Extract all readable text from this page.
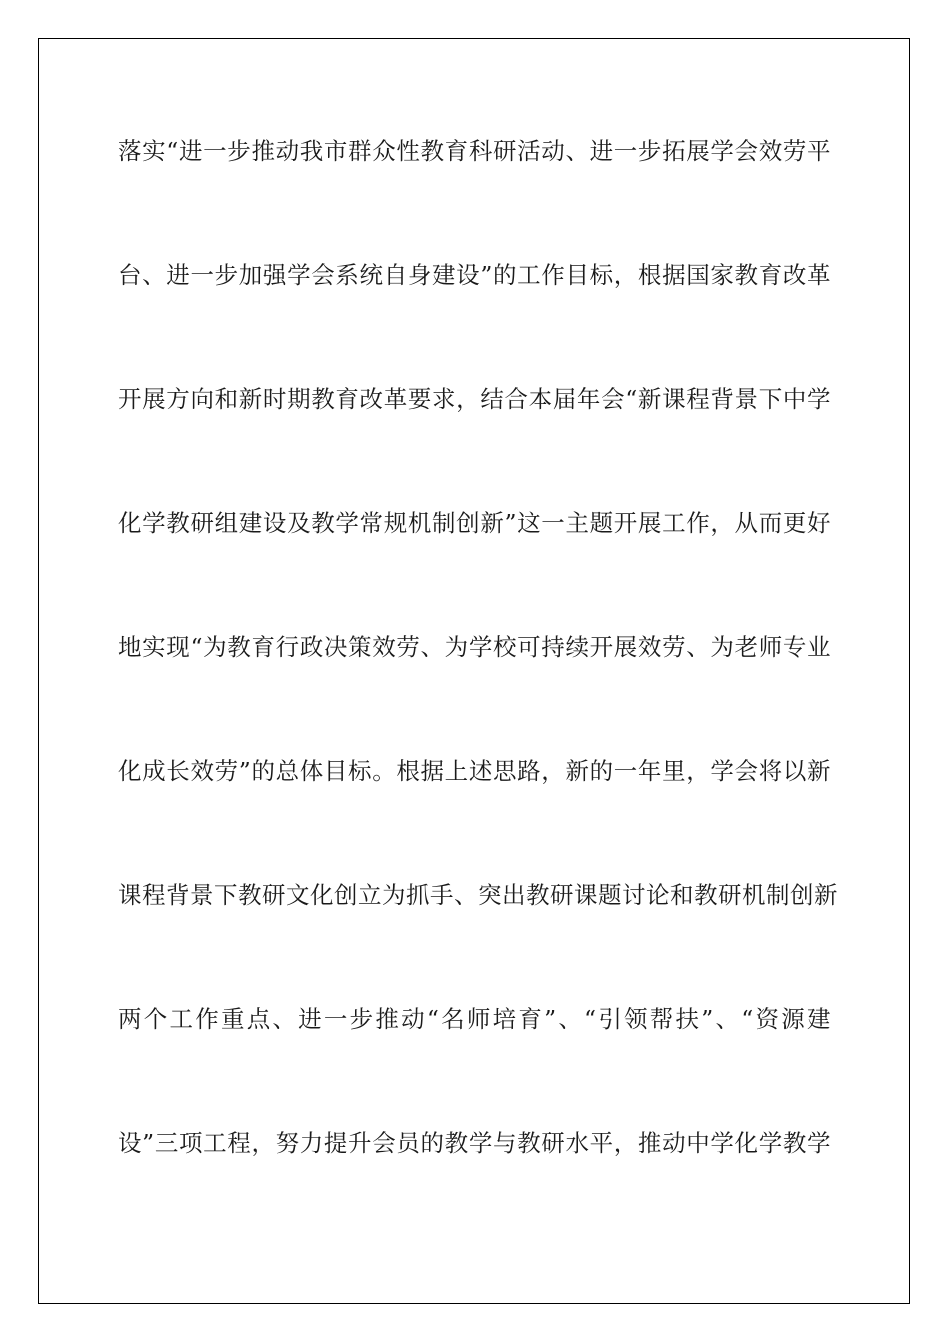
落实“进一步推动我市群众性教育科研活动、进一步拓展学会效劳平
台、进一步加强学会系统自身建设”的工作目标，根据国家教育改革
开展方向和新时期教育改革要求，结合本届年会“新课程背景下中学
化学教研组建设及教学常规机制创新”这一主题开展工作，从而更好
地实现“为教育行政决策效劳、为学校可持续开展效劳、为老师专业
化成长效劳”的总体目标。根据上述思路，新的一年里，学会将以新
课程背景下教研文化创立为抓手、突出教研课题讨论和教研机制创新
两个工作重点、进一步推动“名师培育”、“引领帮扶”、“资源建
设”三项工程，努力提升会员的教学与教研水平，推动中学化学教学
